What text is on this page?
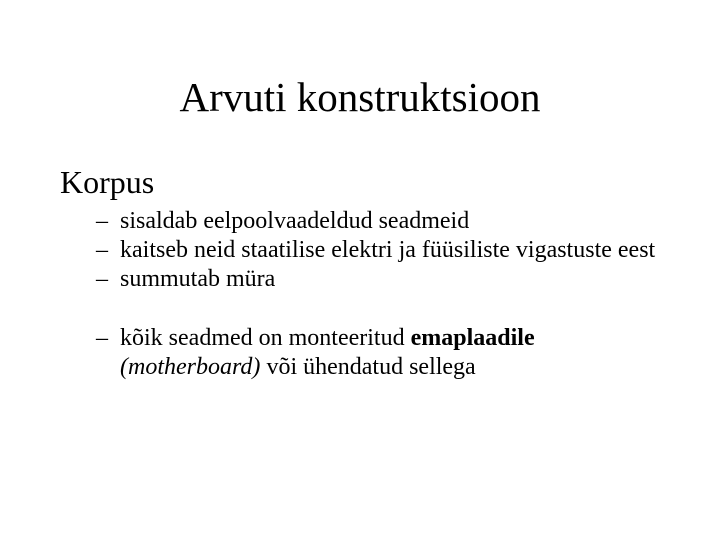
Arvuti konstruktsioon
Korpus
– sisaldab eelpoolvaadeldud seadmeid
– kaitseb neid staatilise elektri ja füüsiliste vigastuste eest
– summutab müra
– kõik seadmed on monteeritud emaplaadile
(motherboard) või ühendatud sellega
